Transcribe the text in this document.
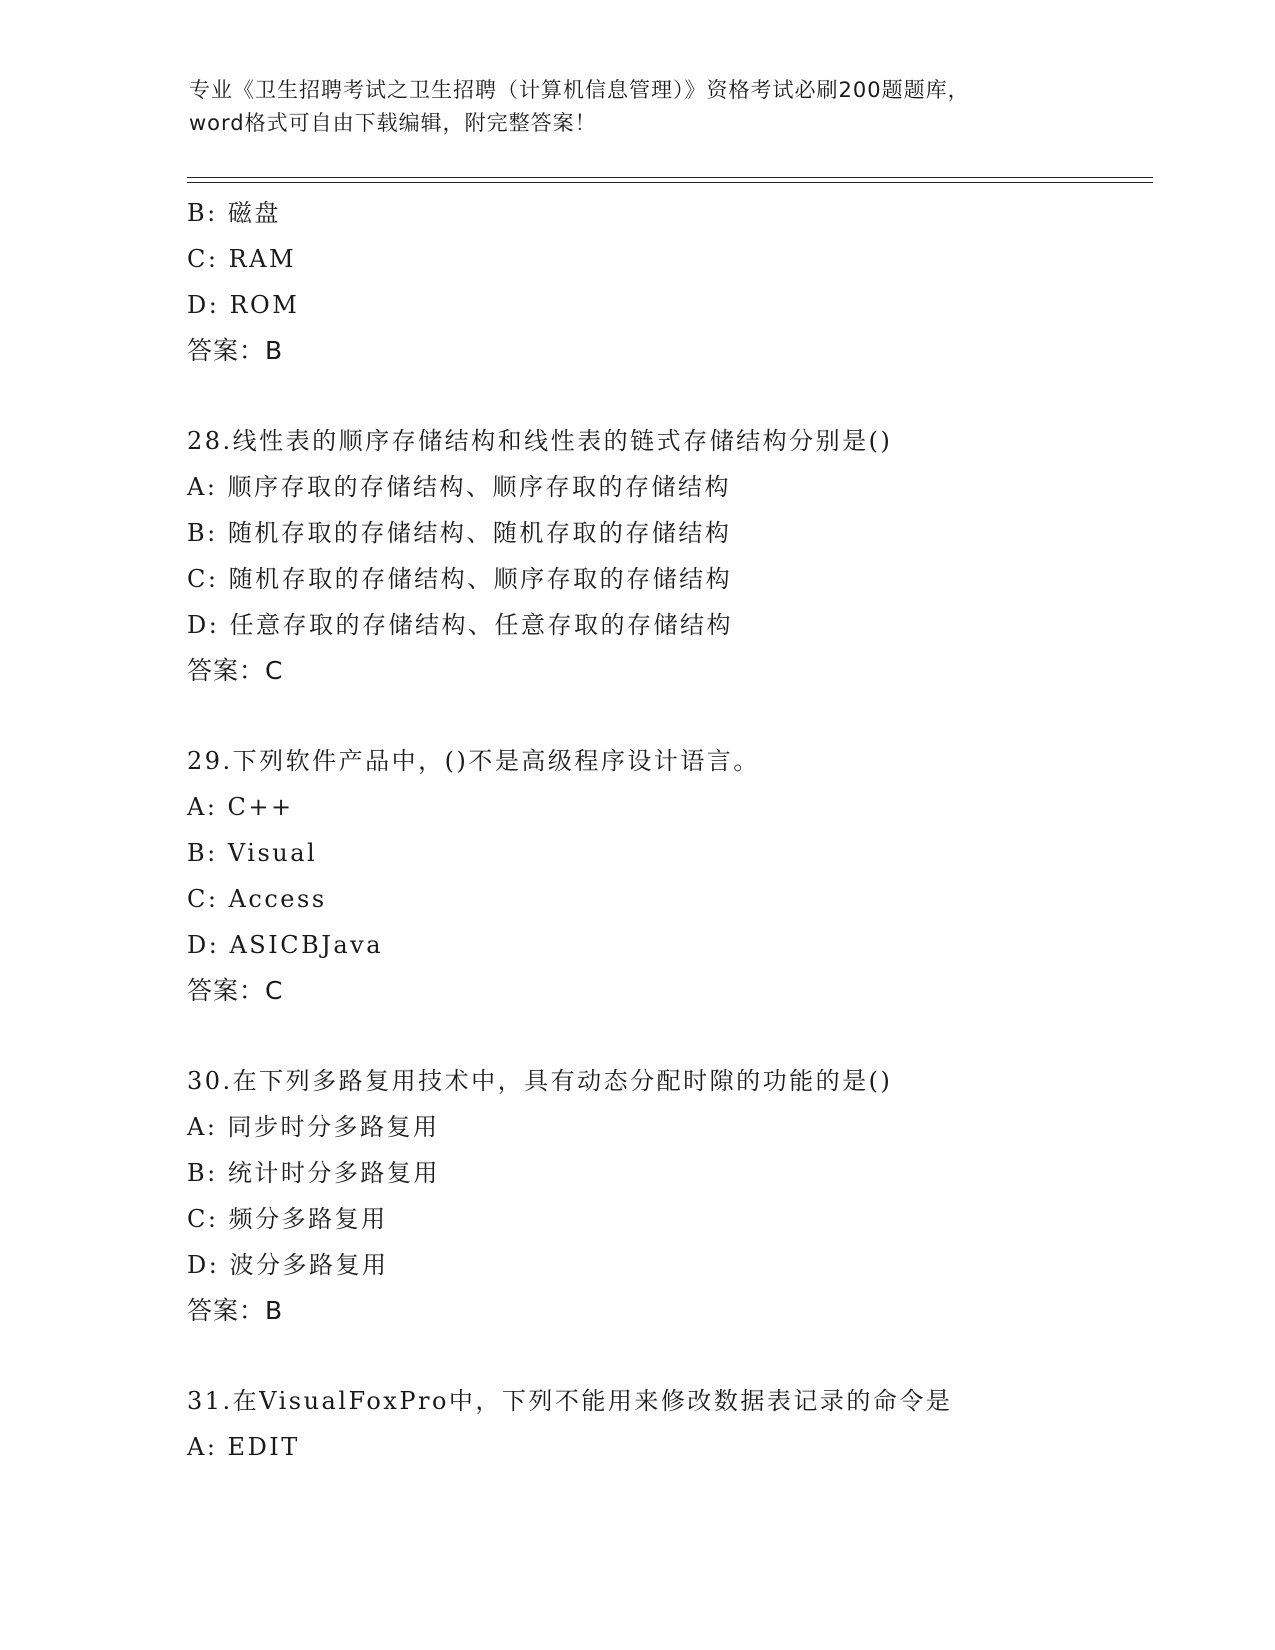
专业《卫生招聘考试之卫生招聘（计算机信息管理）》资格考试必刷200题题库，
word格式可自由下载编辑，附完整答案！
B: 磁盘
C: RAM
D: ROM
答案：B
28.线性表的顺序存储结构和线性表的链式存储结构分别是()
A: 顺序存取的存储结构、顺序存取的存储结构
B: 随机存取的存储结构、随机存取的存储结构
C: 随机存取的存储结构、顺序存取的存储结构
D: 任意存取的存储结构、任意存取的存储结构
答案：C
29.下列软件产品中，()不是高级程序设计语言。
A: C++
B: Visual
C: Access
D: ASICBJava
答案：C
30.在下列多路复用技术中，具有动态分配时隙的功能的是()
A: 同步时分多路复用
B: 统计时分多路复用
C: 频分多路复用
D: 波分多路复用
答案：B
31.在VisualFoxPro中，下列不能用来修改数据表记录的命令是
A: EDIT
